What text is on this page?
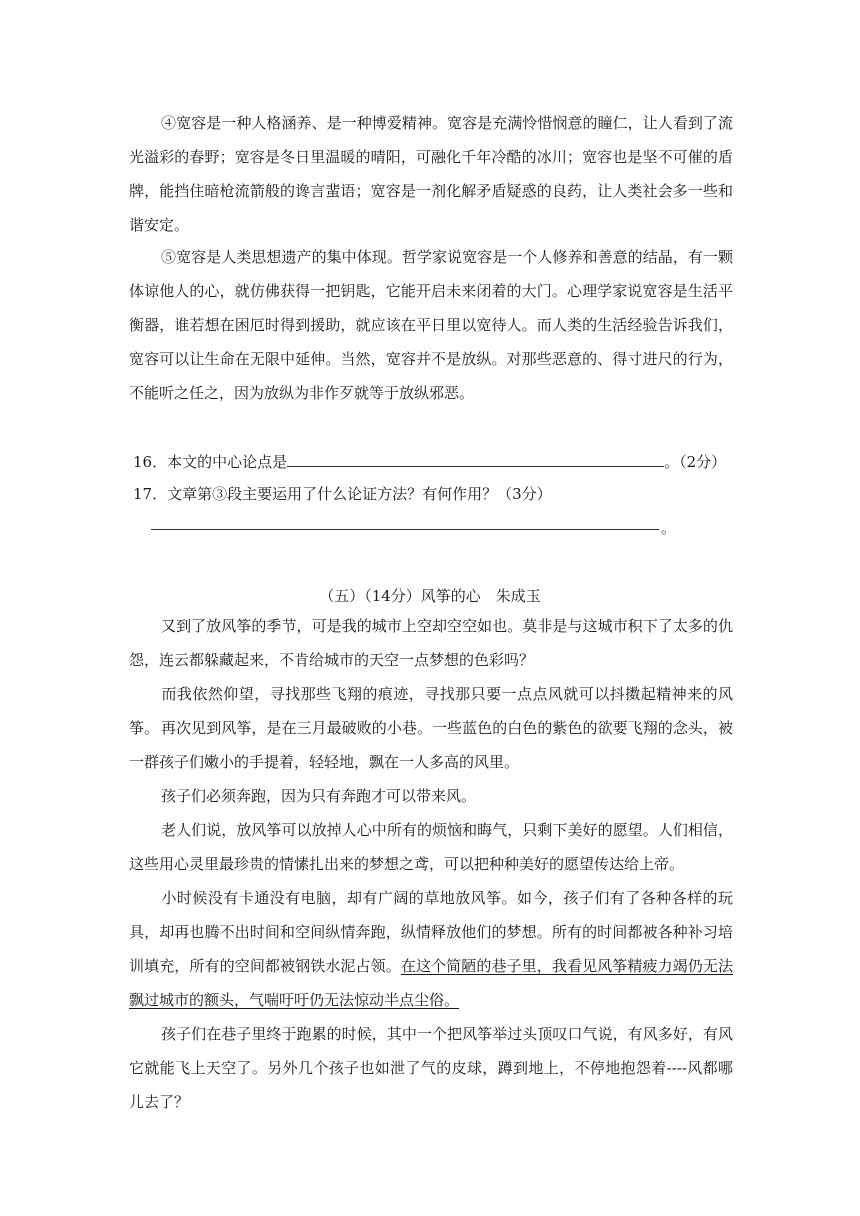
④宽容是一种人格涵养、是一种博爱精神。宽容是充满怜惜悯意的瞳仁，让人看到了流光溢彩的春野；宽容是冬日里温暖的晴阳，可融化千年冷酷的冰川；宽容也是坚不可催的盾牌，能挡住暗枪流箭般的谗言蜚语；宽容是一剂化解矛盾疑惑的良药，让人类社会多一些和谐安定。

⑤宽容是人类思想遗产的集中体现。哲学家说宽容是一个人修养和善意的结晶，有一颗体谅他人的心，就仿佛获得一把钥匙，它能开启未来闭着的大门。心理学家说宽容是生活平衡器，谁若想在困厄时得到援助，就应该在平日里以宽待人。而人类的生活经验告诉我们，宽容可以让生命在无限中延伸。当然，宽容并不是放纵。对那些恶意的、得寸进尺的行为，不能听之任之，因为放纵为非作歹就等于放纵邪恶。

16．本文的中心论点是	。（2分）
17．文章第③段主要运用了什么论证方法？有何作用？（3分）
。
（五）（14分）风筝的心　朱成玉

又到了放风筝的季节，可是我的城市上空却空空如也。莫非是与这城市积下了太多的仇怨，连云都躲藏起来，不肯给城市的天空一点梦想的色彩吗？

而我依然仰望，寻找那些飞翔的痕迹，寻找那只要一点点风就可以抖擞起精神来的风筝。 再次见到风筝，是在三月最破败的小巷。一些蓝色的白色的紫色的欲要飞翔的念头，被一群孩子们嫩小的手提着，轻轻地，飘在一人多高的风里。

孩子们必须奔跑，因为只有奔跑才可以带来风。

老人们说，放风筝可以放掉人心中所有的烦恼和晦气，只剩下美好的愿望。人们相信，这些用心灵里最珍贵的情愫扎出来的梦想之鸢，可以把种种美好的愿望传达给上帝。

小时候没有卡通没有电脑，却有广阔的草地放风筝。如今，孩子们有了各种各样的玩具，却再也腾不出时间和空间纵情奔跑，纵情释放他们的梦想。所有的时间都被各种补习培训填充，所有的空间都被钢铁水泥占领。在这个简陋的巷子里，我看见风筝精疲力竭仍无法飘过城市的额头，气喘吁吁仍无法惊动半点尘俗。

孩子们在巷子里终于跑累的时候，其中一个把风筝举过头顶叹口气说，有风多好，有风它就能飞上天空了。另外几个孩子也如泄了气的皮球，蹲到地上，不停地抱怨着----风都哪儿去了？
